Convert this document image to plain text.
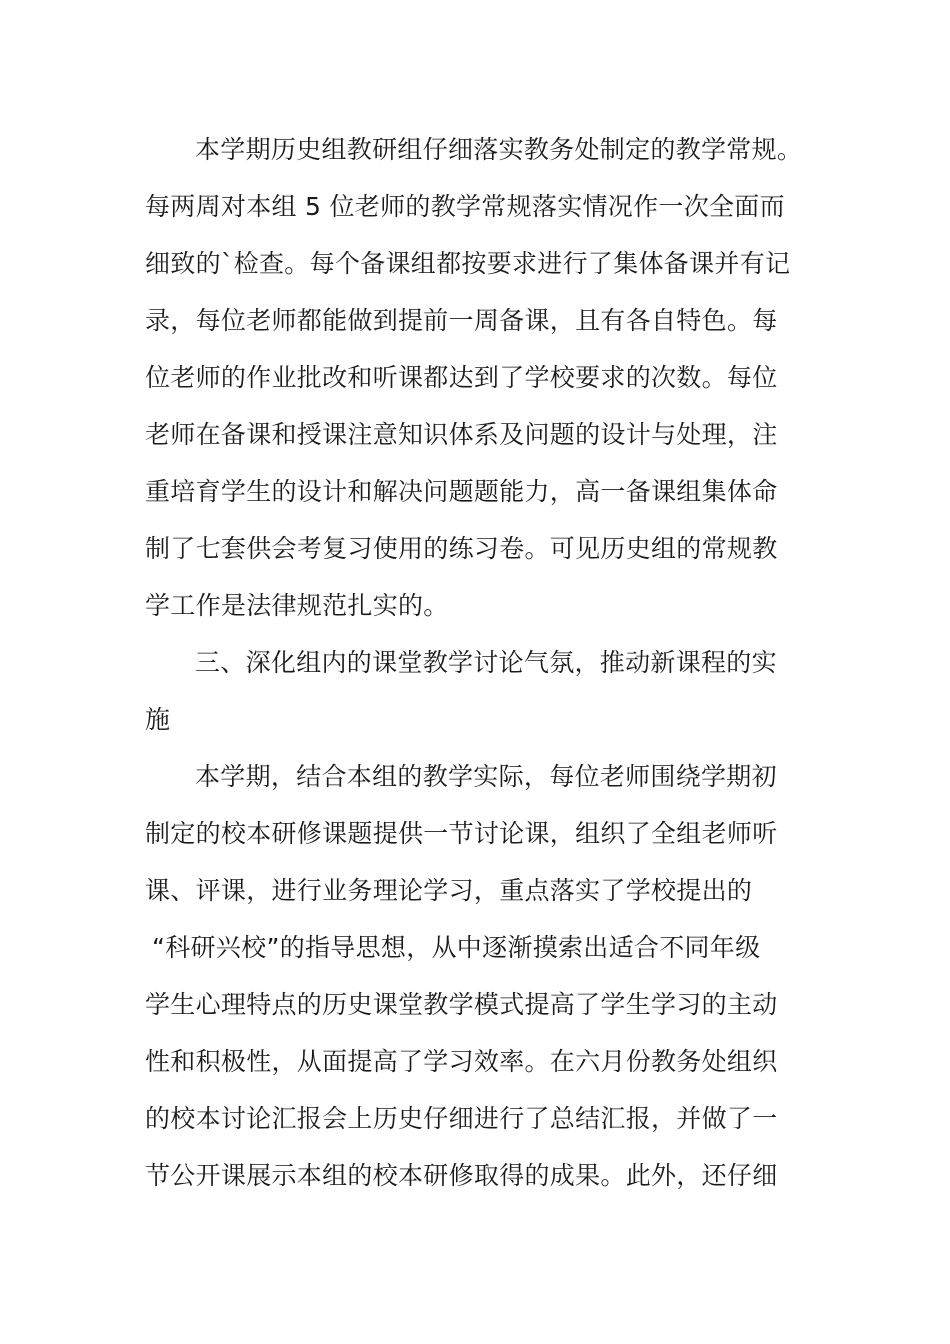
本学期历史组教研组仔细落实教务处制定的教学常规。
每两周对本组 5 位老师的教学常规落实情况作一次全面而
细致的`检查。每个备课组都按要求进行了集体备课并有记
录，每位老师都能做到提前一周备课，且有各自特色。每
位老师的作业批改和听课都达到了学校要求的次数。每位
老师在备课和授课注意知识体系及问题的设计与处理，注
重培育学生的设计和解决问题题能力，高一备课组集体命
制了七套供会考复习使用的练习卷。可见历史组的常规教
学工作是法律规范扎实的。
三、深化组内的课堂教学讨论气氛，推动新课程的实
施
本学期，结合本组的教学实际，每位老师围绕学期初
制定的校本研修课题提供一节讨论课，组织了全组老师听
课、评课，进行业务理论学习，重点落实了学校提出的
“科研兴校”的指导思想，从中逐渐摸索出适合不同年级
学生心理特点的历史课堂教学模式提高了学生学习的主动
性和积极性，从面提高了学习效率。在六月份教务处组织
的校本讨论汇报会上历史仔细进行了总结汇报，并做了一
节公开课展示本组的校本研修取得的成果。此外，还仔细
